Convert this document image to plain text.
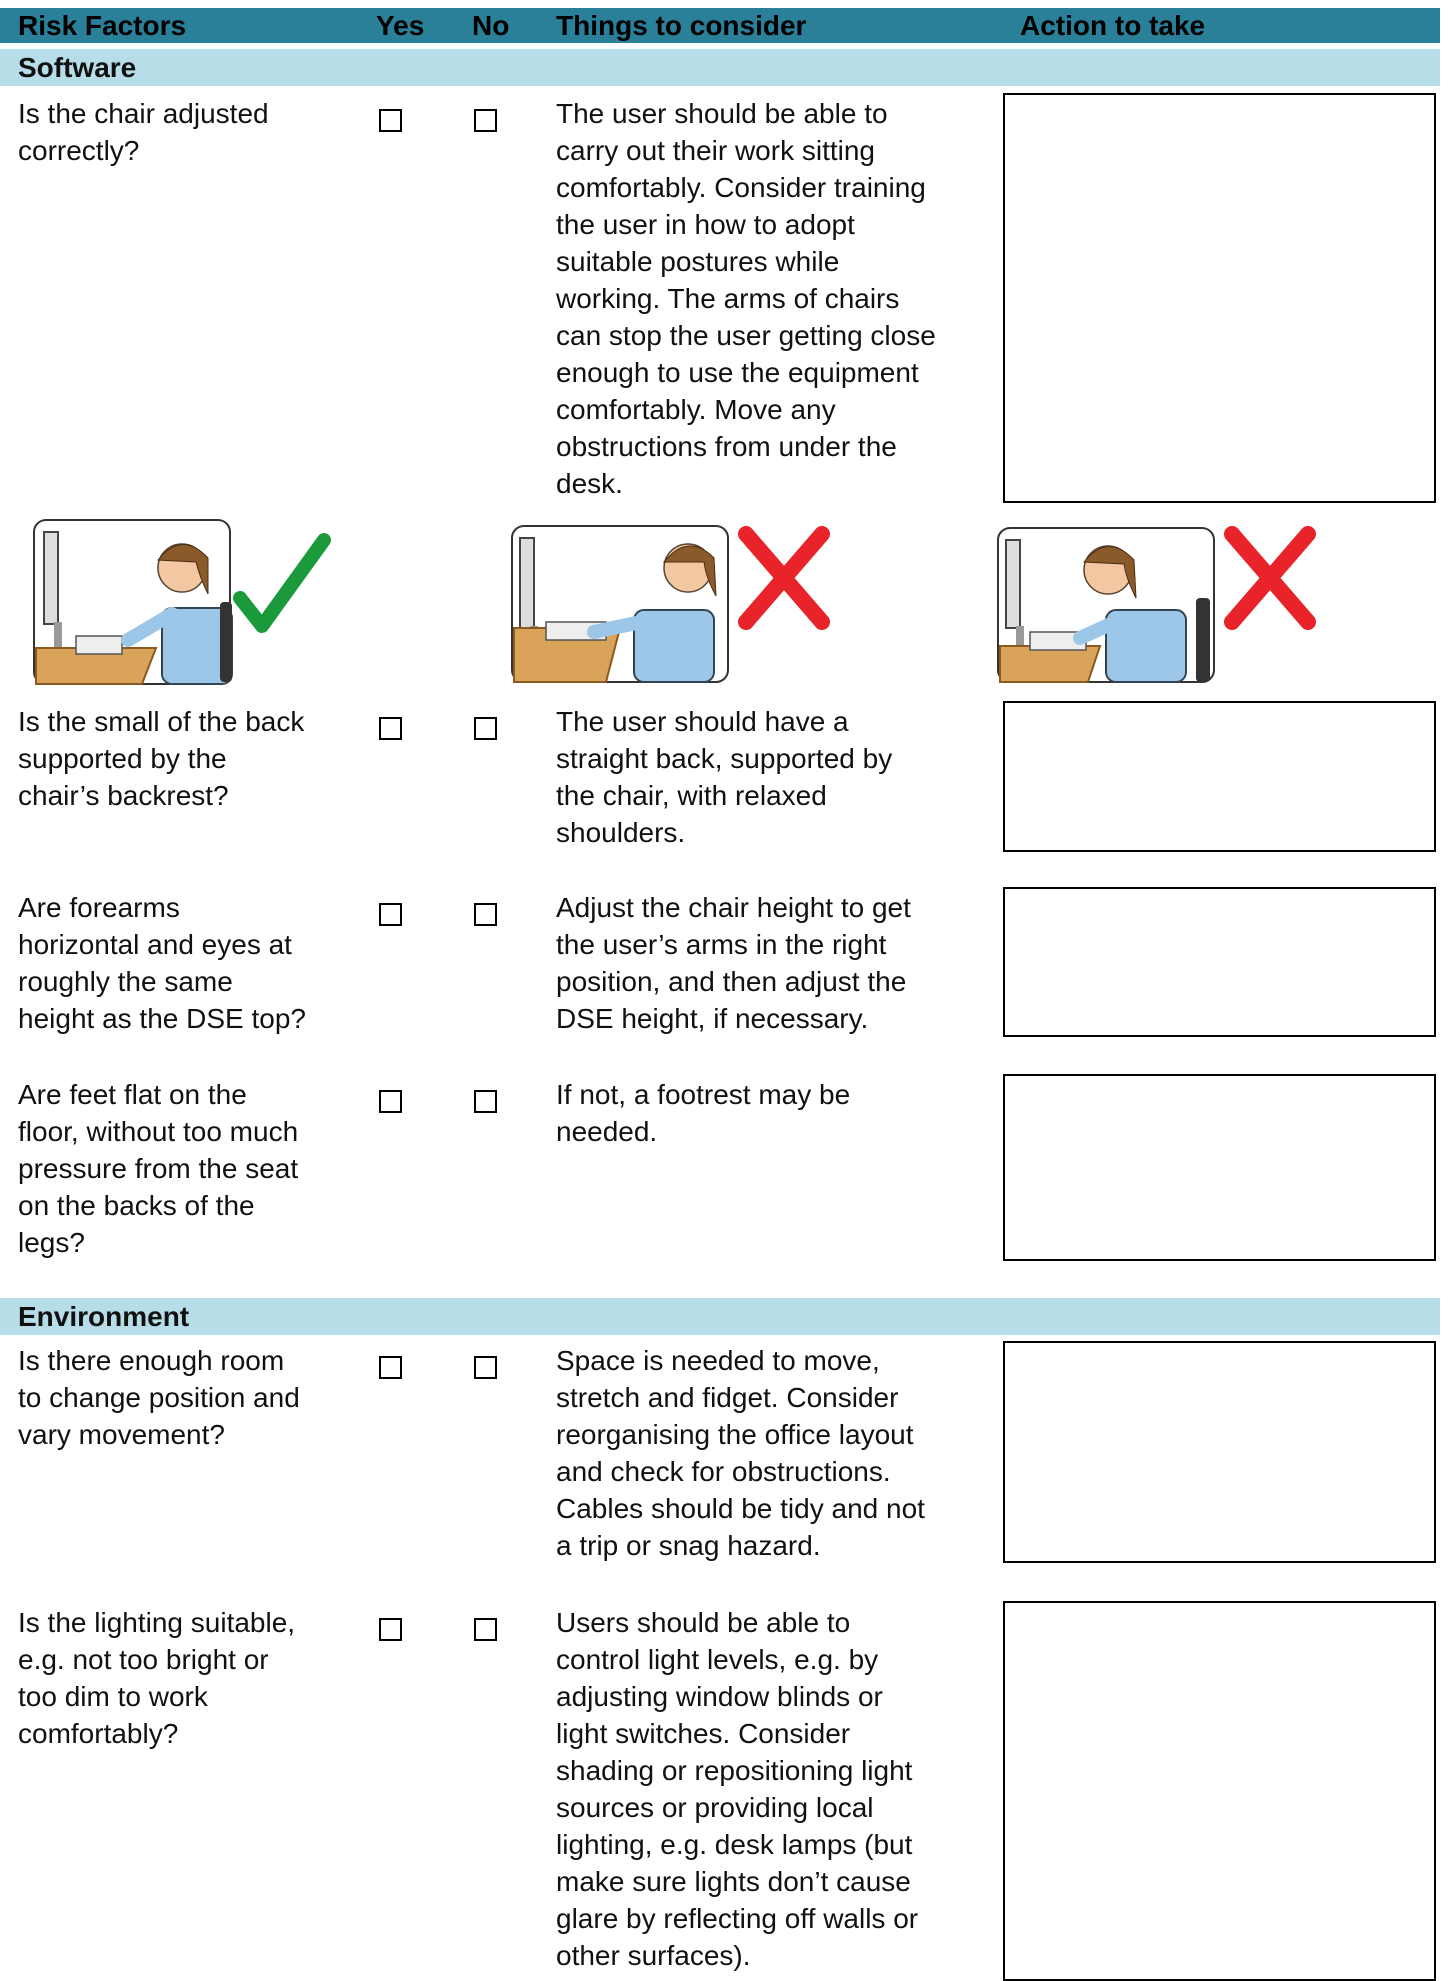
Risk Factors	Yes No Things to consider	Action to take
Software
Is the chair adjusted
correctly?
The user should be able to
carry out their work sitting
comfortably. Consider training
the user in how to adopt
suitable postures while
working. The arms of chairs
can stop the user getting close
enough to use the equipment
comfortably. Move any
obstructions from under the
desk.
Is the small of the back
supported by the
chair’s backrest?
The user should have a
straight back, supported by
the chair, with relaxed
shoulders.
Are forearms
horizontal and eyes at
roughly the same
height as the DSE top?
Adjust the chair height to get
the user’s arms in the right
position, and then adjust the
DSE height, if necessary.
Are feet flat on the
floor, without too much
pressure from the seat
on the backs of the
legs?
If not, a footrest may be
needed.
Environment
Is there enough room
to change position and
vary movement?
Space is needed to move,
stretch and fidget. Consider
reorganising the office layout
and check for obstructions.
Cables should be tidy and not
a trip or snag hazard.
Is the lighting suitable,
e.g. not too bright or
too dim to work
comfortably?
Users should be able to
control light levels, e.g. by
adjusting window blinds or
light switches. Consider
shading or repositioning light
sources or providing local
lighting, e.g. desk lamps (but
make sure lights don’t cause
glare by reflecting off walls or
other surfaces).
